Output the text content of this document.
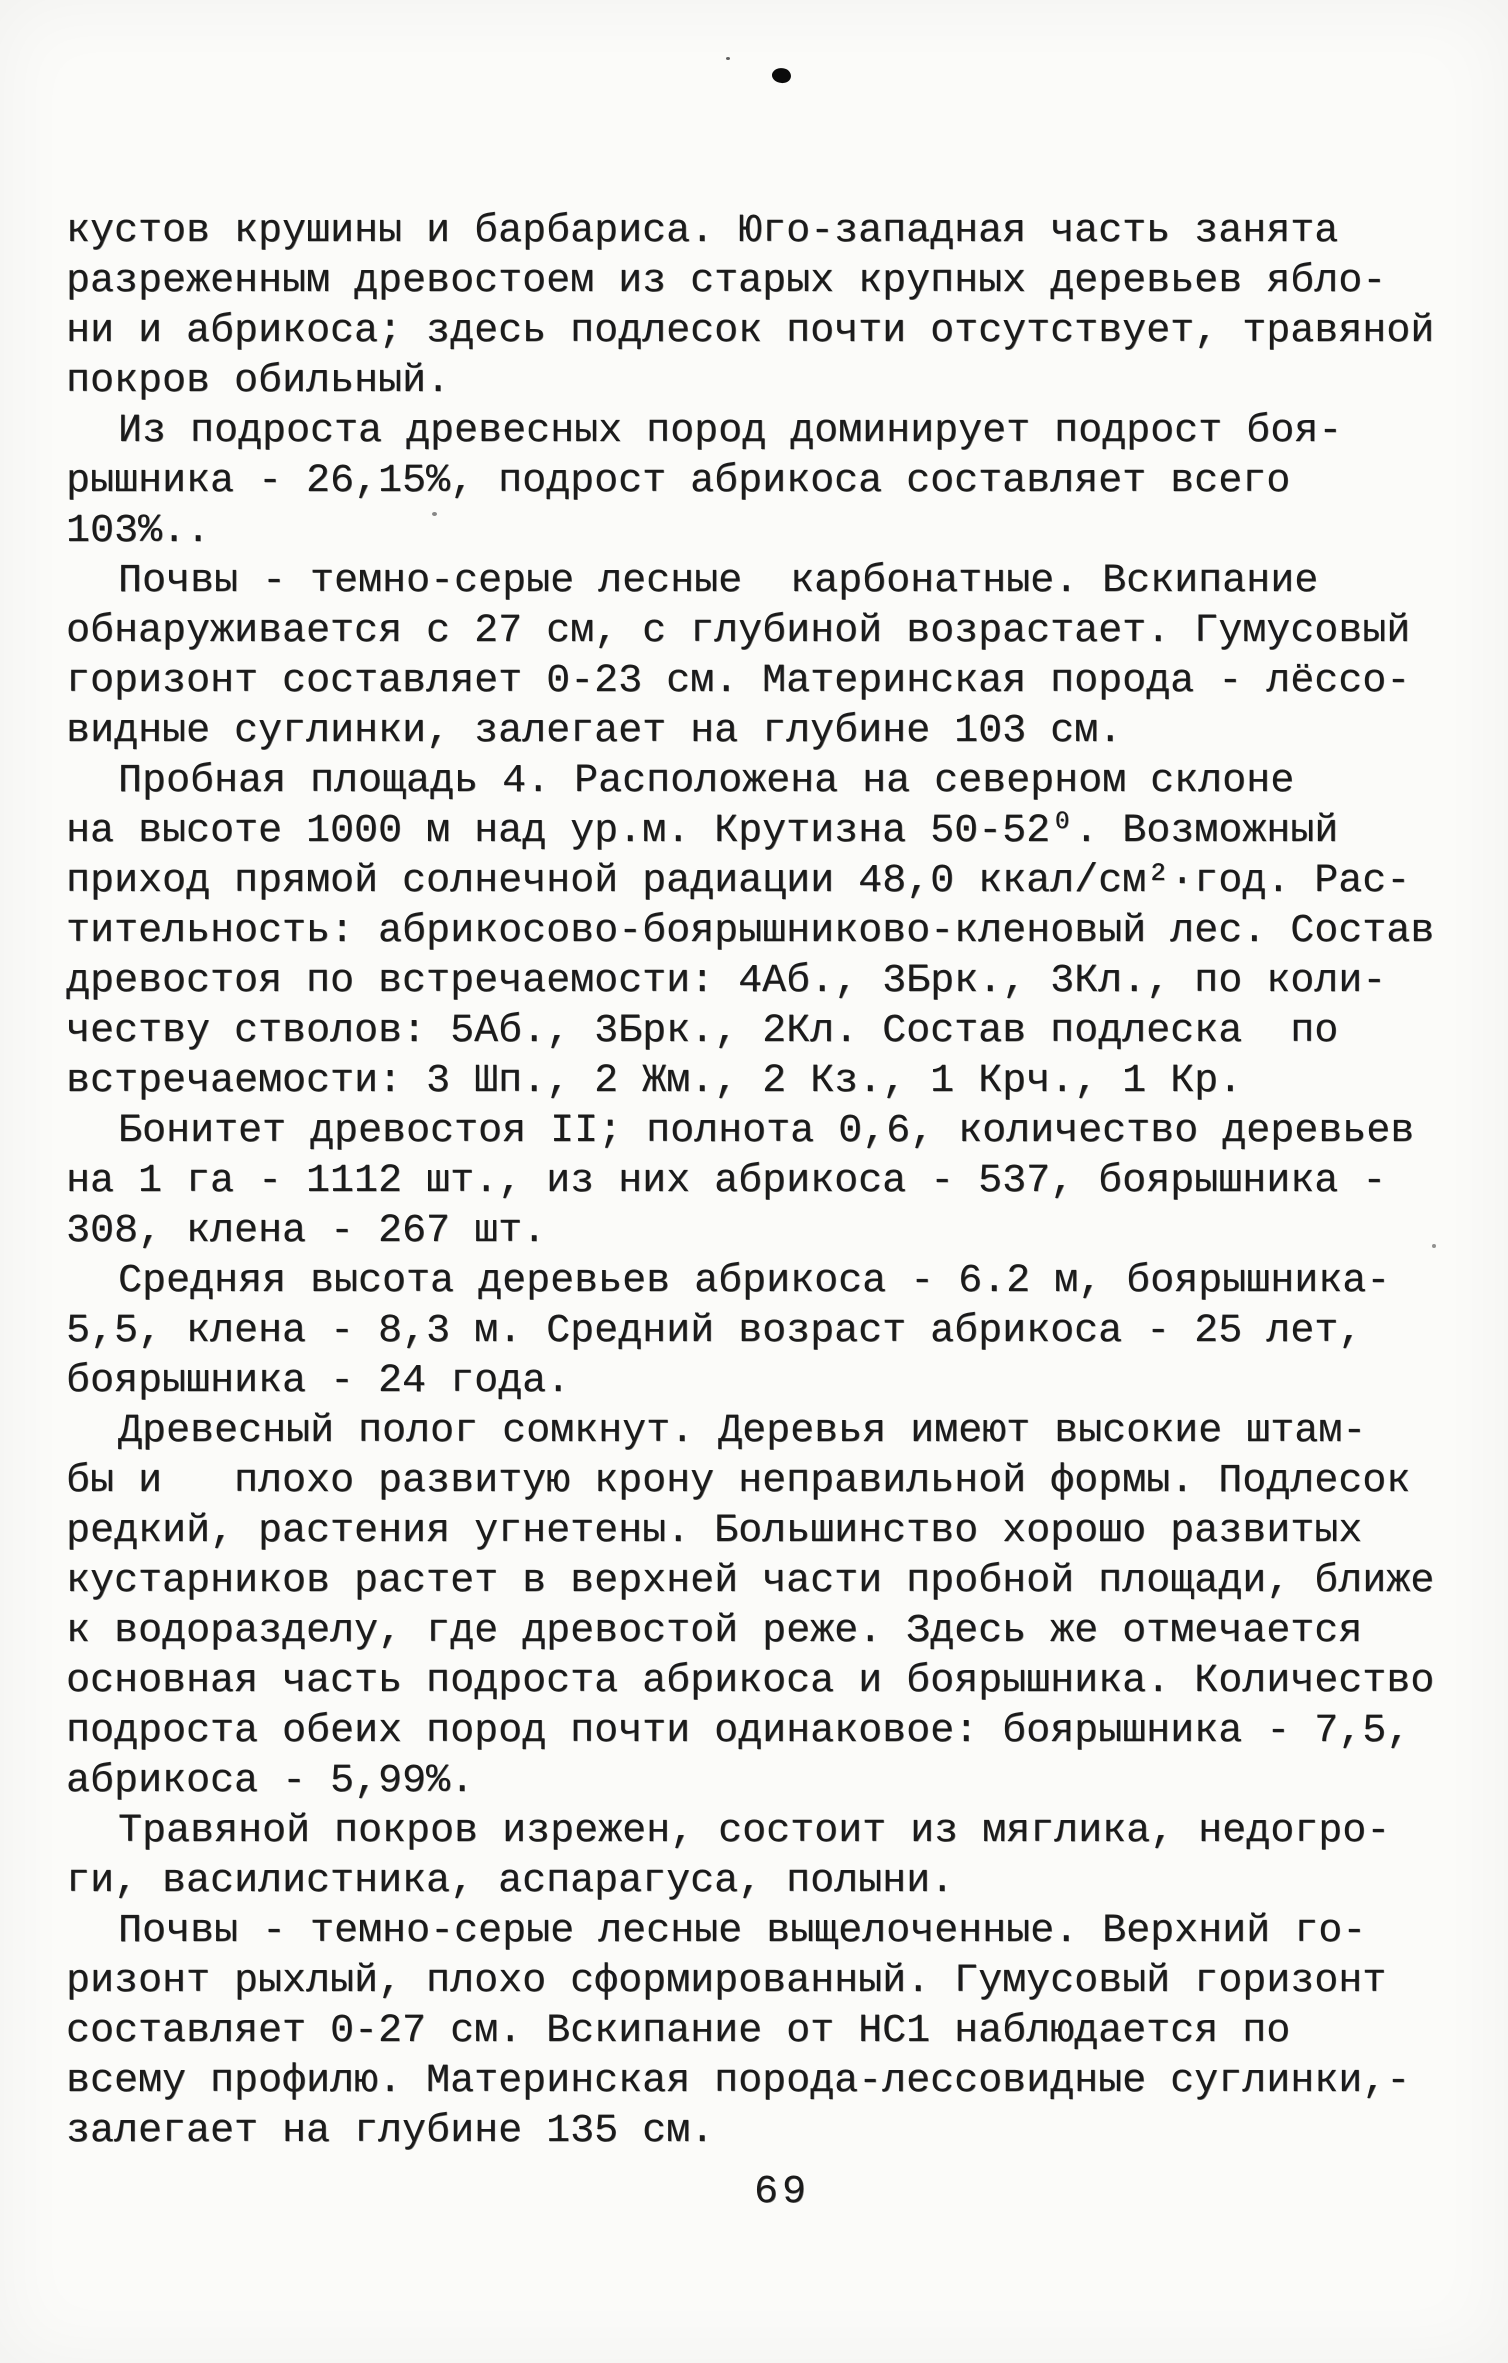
кустов крушины и барбариса. Юго-западная часть занята
разреженным древостоем из старых крупных деревьев ябло-
ни и абрикоса; здесь подлесок почти отсутствует, травяной
покров обильный.

Из подроста древесных пород доминирует подрост боя-
рышника - 26,15%, подрост абрикоса составляет всего
103%..

Почвы - темно-серые лесные  карбонатные. Вскипание
обнаруживается с 27 см, с глубиной возрастает. Гумусовый
горизонт составляет 0-23 см. Материнская порода - лёссо-
видные суглинки, залегает на глубине 103 см.

Пробная площадь 4. Расположена на северном склоне
на высоте 1000 м над ур.м. Крутизна 50-52⁰. Возможный
приход прямой солнечной радиации 48,0 ккал/см²·год. Рас-
тительность: абрикосово-боярышниково-кленовый лес. Состав
древостоя по встречаемости: 4Аб., 3Брк., 3Кл., по коли-
честву стволов: 5Аб., 3Брк., 2Кл. Состав подлеска  по
встречаемости: 3 Шп., 2 Жм., 2 Кз., 1 Крч., 1 Кр.

Бонитет древостоя II; полнота 0,6, количество деревьев
на 1 га - 1112 шт., из них абрикоса - 537, боярышника -
308, клена - 267 шт.

Средняя высота деревьев абрикоса - 6.2 м, боярышника-
5,5, клена - 8,3 м. Средний возраст абрикоса - 25 лет,
боярышника - 24 года.

Древесный полог сомкнут. Деревья имеют высокие штам-
бы и   плохо развитую крону неправильной формы. Подлесок
редкий, растения угнетены. Большинство хорошо развитых
кустарников растет в верхней части пробной площади, ближе
к водоразделу, где древостой реже. Здесь же отмечается
основная часть подроста абрикоса и боярышника. Количество
подроста обеих пород почти одинаковое: боярышника - 7,5,
абрикоса - 5,99%.

Травяной покров изрежен, состоит из мяглика, недогро-
ги, василистника, аспарагуса, полыни.

Почвы - темно-серые лесные выщелоченные. Верхний го-
ризонт рыхлый, плохо сформированный. Гумусовый горизонт
составляет 0-27 см. Вскипание от HC1 наблюдается по
всему профилю. Материнская порода-лессовидные суглинки,-
залегает на глубине 135 см.

69
